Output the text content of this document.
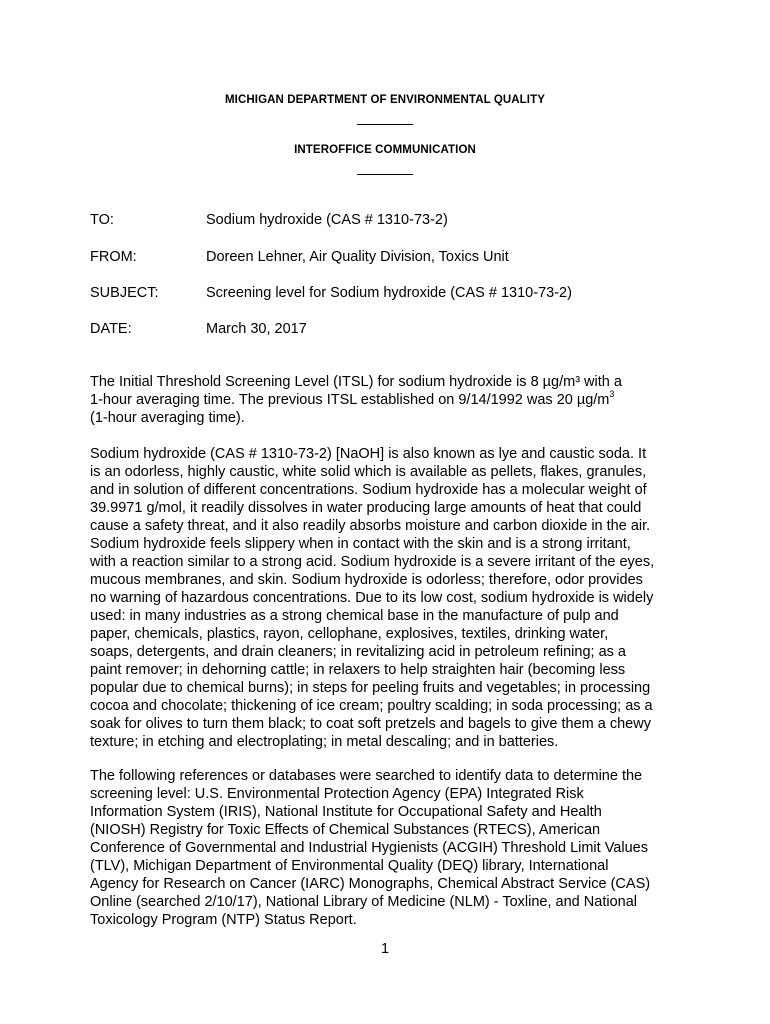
MICHIGAN DEPARTMENT OF ENVIRONMENTAL QUALITY
INTEROFFICE COMMUNICATION
TO:	Sodium hydroxide (CAS # 1310-73-2)
FROM:	Doreen Lehner, Air Quality Division, Toxics Unit
SUBJECT:	Screening level for Sodium hydroxide (CAS # 1310-73-2)
DATE:	March 30, 2017
The Initial Threshold Screening Level (ITSL) for sodium hydroxide is 8 µg/m³ with a
1-hour averaging time. The previous ITSL established on 9/14/1992 was 20 $\mu g/m^3$
(1-hour averaging time).
Sodium hydroxide (CAS # 1310-73-2) [NaOH] is also known as lye and caustic soda. It
is an odorless, highly caustic, white solid which is available as pellets, flakes, granules,
and in solution of different concentrations. Sodium hydroxide has a molecular weight of
39.9971 g/mol, it readily dissolves in water producing large amounts of heat that could
cause a safety threat, and it also readily absorbs moisture and carbon dioxide in the air.
Sodium hydroxide feels slippery when in contact with the skin and is a strong irritant,
with a reaction similar to a strong acid. Sodium hydroxide is a severe irritant of the eyes,
mucous membranes, and skin. Sodium hydroxide is odorless; therefore, odor provides
no warning of hazardous concentrations. Due to its low cost, sodium hydroxide is widely
used: in many industries as a strong chemical base in the manufacture of pulp and
paper, chemicals, plastics, rayon, cellophane, explosives, textiles, drinking water,
soaps, detergents, and drain cleaners; in revitalizing acid in petroleum refining; as a
paint remover; in dehorning cattle; in relaxers to help straighten hair (becoming less
popular due to chemical burns); in steps for peeling fruits and vegetables; in processing
cocoa and chocolate; thickening of ice cream; poultry scalding; in soda processing; as a
soak for olives to turn them black; to coat soft pretzels and bagels to give them a chewy
texture; in etching and electroplating; in metal descaling; and in batteries.
The following references or databases were searched to identify data to determine the
screening level: U.S. Environmental Protection Agency (EPA) Integrated Risk
Information System (IRIS), National Institute for Occupational Safety and Health
(NIOSH) Registry for Toxic Effects of Chemical Substances (RTECS), American
Conference of Governmental and Industrial Hygienists (ACGIH) Threshold Limit Values
(TLV), Michigan Department of Environmental Quality (DEQ) library, International
Agency for Research on Cancer (IARC) Monographs, Chemical Abstract Service (CAS)
Online (searched 2/10/17), National Library of Medicine (NLM) - Toxline, and National
Toxicology Program (NTP) Status Report.
1
